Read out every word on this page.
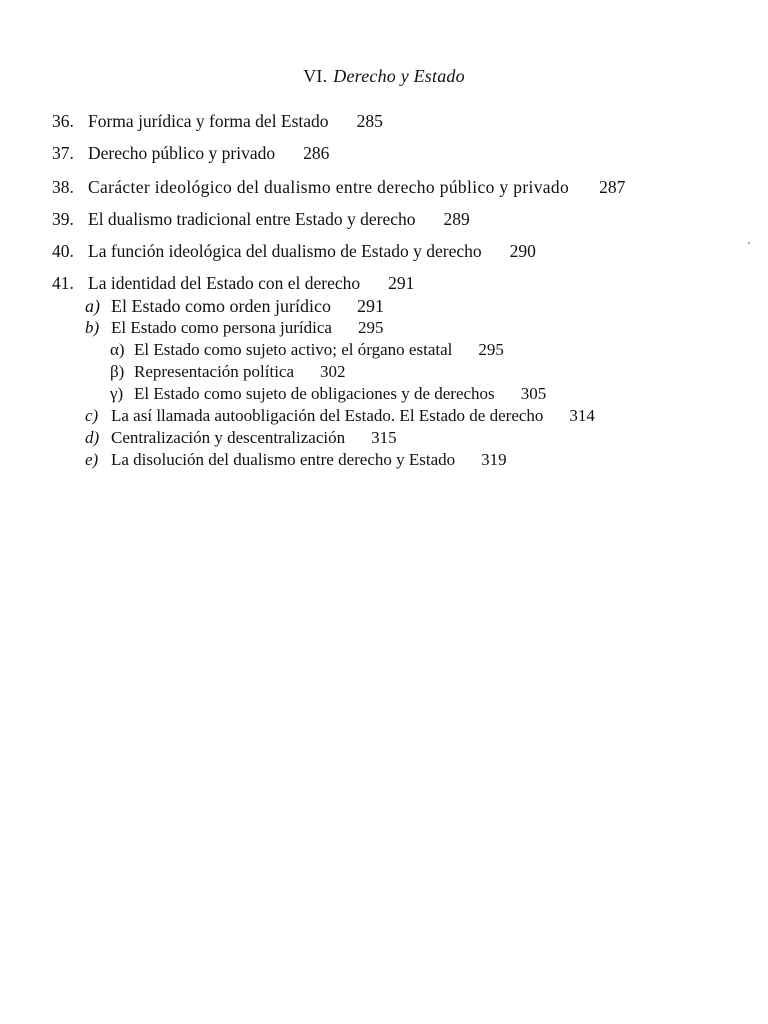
VI. Derecho y Estado
36. Forma jurídica y forma del Estado 285
37. Derecho público y privado 286
38. Carácter ideológico del dualismo entre derecho público y privado 287
39. El dualismo tradicional entre Estado y derecho 289
40. La función ideológica del dualismo de Estado y derecho 290
41. La identidad del Estado con el derecho 291
a) El Estado como orden jurídico 291
b) El Estado como persona jurídica 295
α) El Estado como sujeto activo; el órgano estatal 295
β) Representación política 302
γ) El Estado como sujeto de obligaciones y de derechos 305
c) La así llamada autoobligación del Estado. El Estado de derecho 314
d) Centralización y descentralización 315
e) La disolución del dualismo entre derecho y Estado 319
